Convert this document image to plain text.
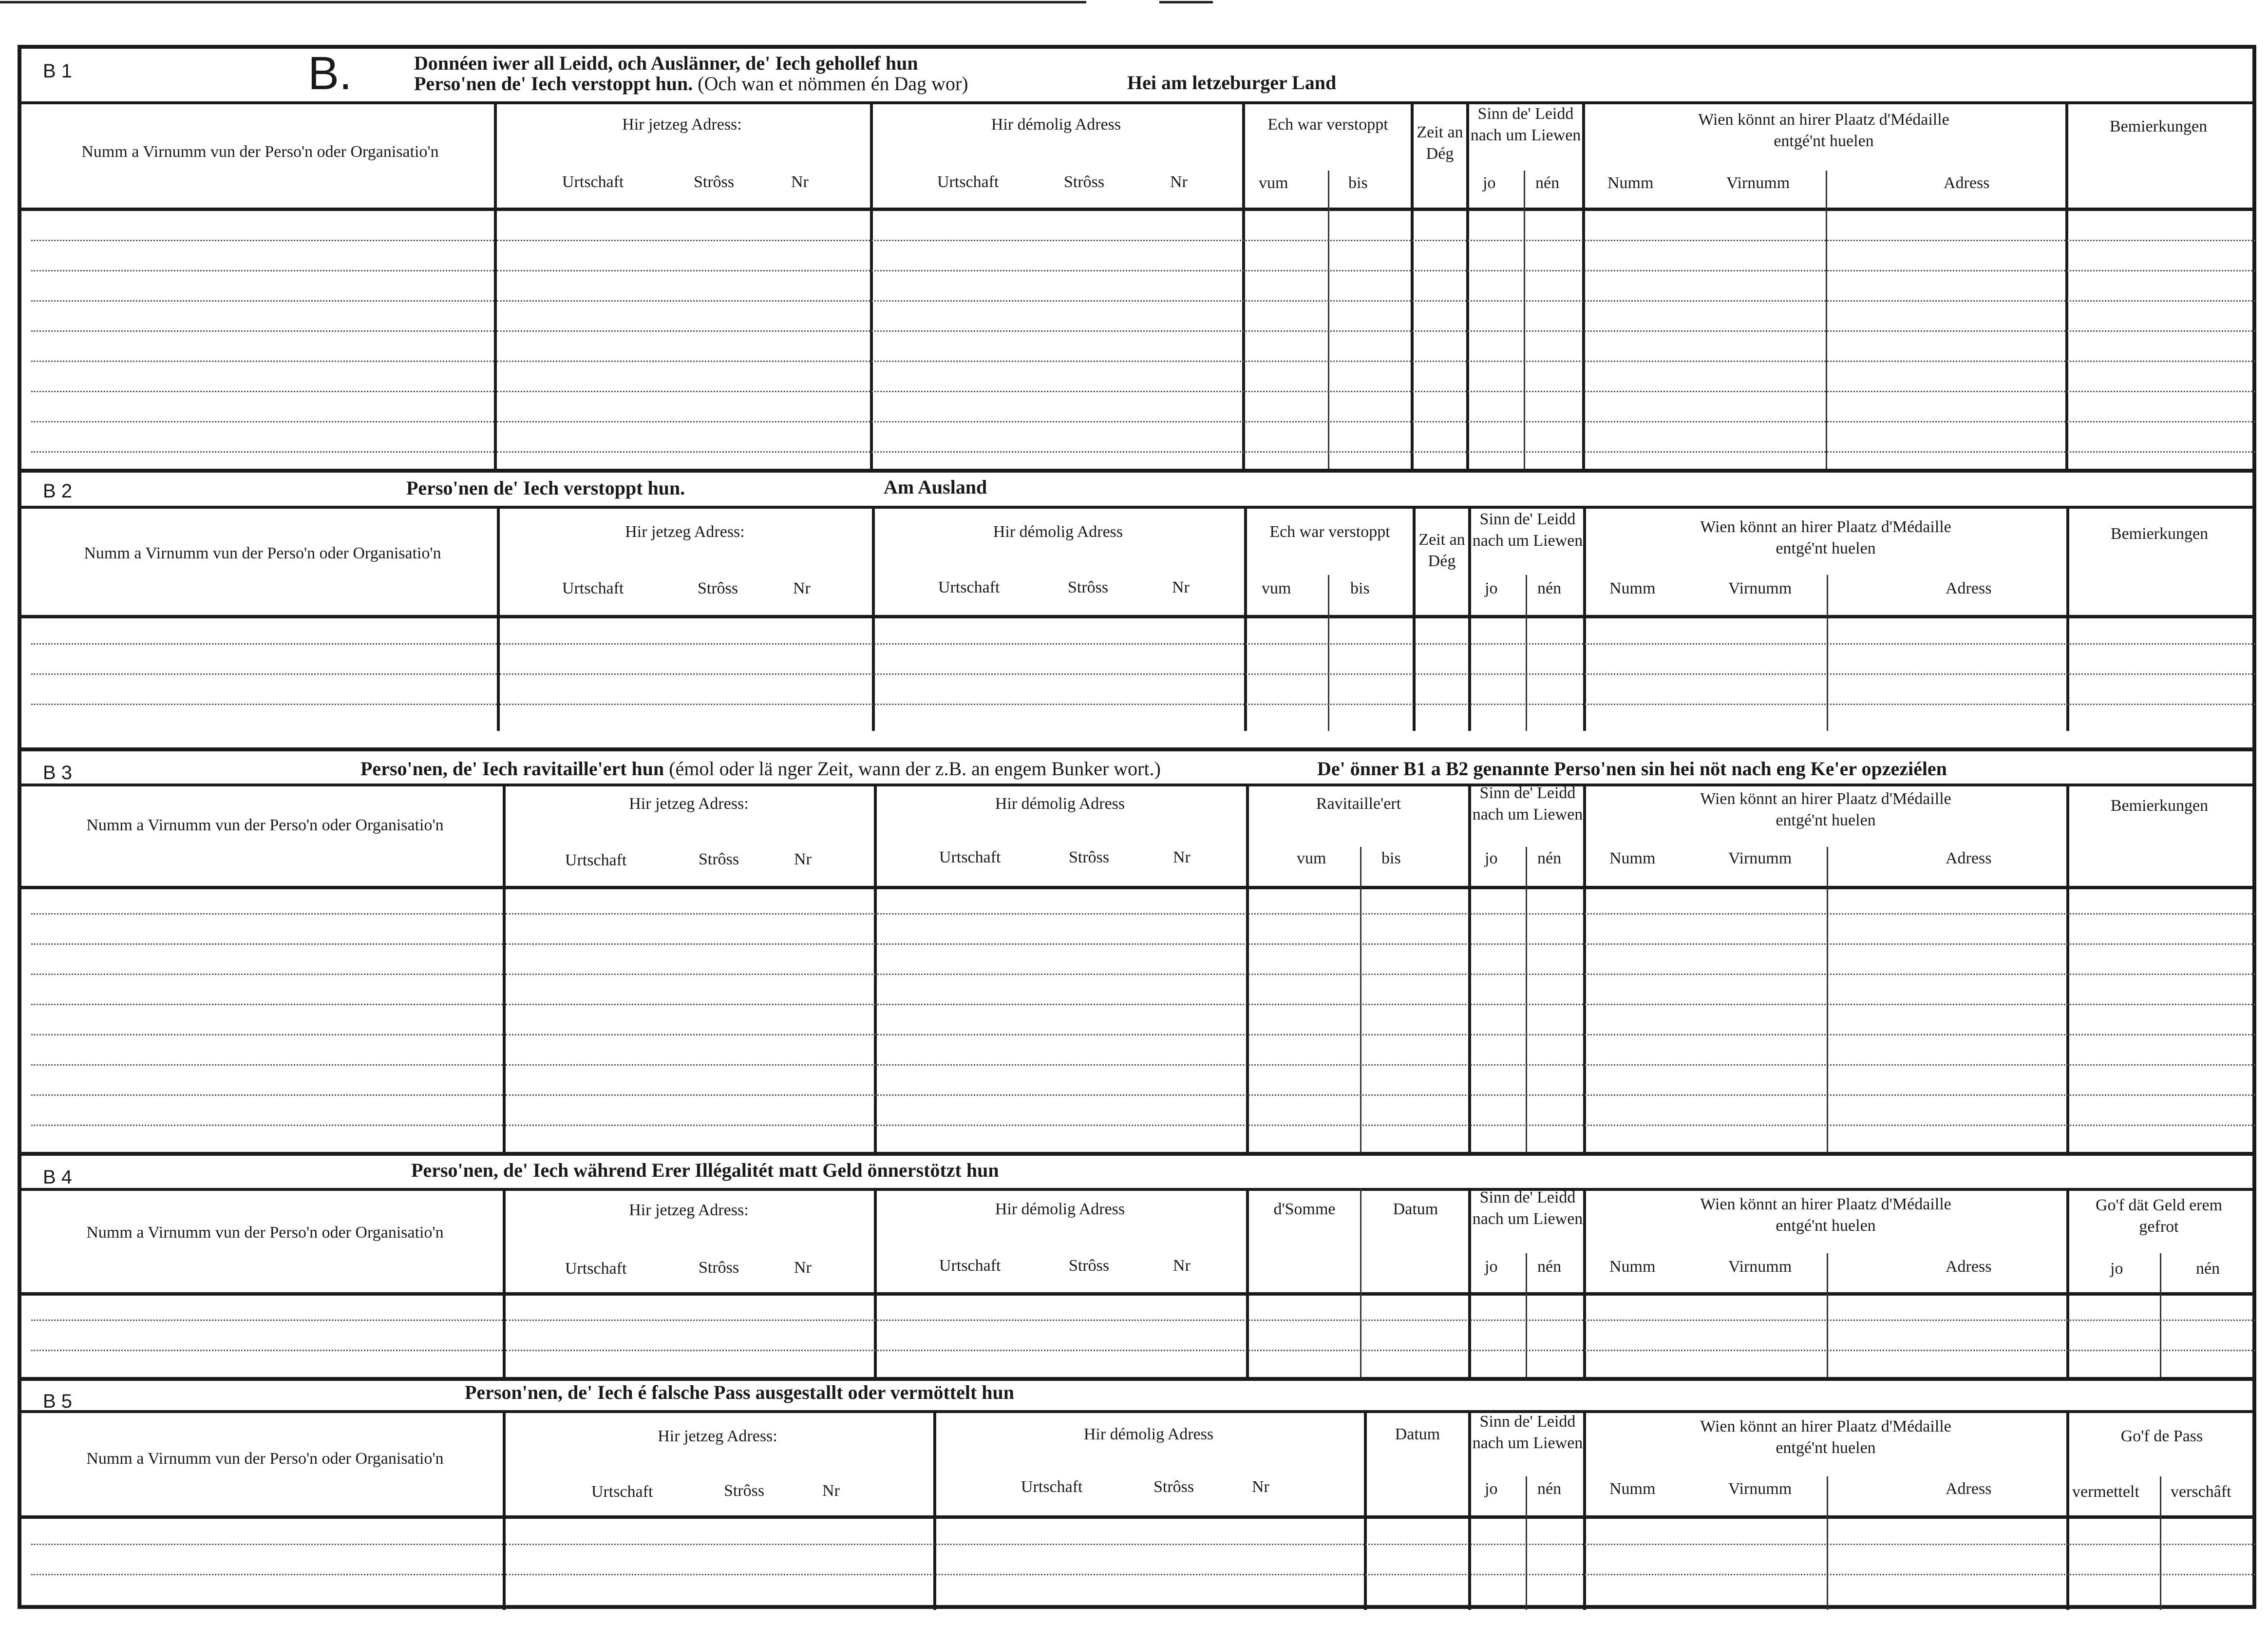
B 1	B.	Donnéen iwer all Leidd, och Auslänner, de' Iech gehollef hun
Perso'nen de' Iech verstoppt hun. (Och wan et nömmen én Dag wor)	Hei am letzeburger Land
Numm a Virnumm vun der Perso'n oder Organisatio'n
Hir jetzeg Adress:
Urtschaft	Strôss	Nr
Hir démolig Adress
Urtschaft	Strôss	Nr
Ech war verstoppt
vum	bis
Zeit an Dég
Sinn de' Leidd nach um Liewen
jo nén
Wien könnt an hirer Plaatz d'Médaille entgé'nt huelen
Numm	Virnumm	Adress
Bemierkungen
B 2	Perso'nen de' Iech verstoppt hun.	Am Ausland
Numm a Virnumm vun der Perso'n oder Organisatio'n
Hir jetzeg Adress:
Urtschaft	Strôss	Nr
Hir démolig Adress
Urtschaft	Strôss	Nr
Ech war verstoppt
vum	bis
Zeit an Dég
Sinn de' Leidd nach um Liewen
jo nén
Wien könnt an hirer Plaatz d'Médaille entgé'nt huelen
Numm	Virnumm	Adress
Bemierkungen
B 3	Perso'nen, de' Iech ravitaille'ert hun (émol oder lä nger Zeit, wann der z.B. an engem Bunker wort.)	De' önner B1 a B2 genannte Perso'nen sin hei nöt nach eng Ke'er opzeziélen
Numm a Virnumm vun der Perso'n oder Organisatio'n
Hir jetzeg Adress:
Urtschaft	Strôss	Nr
Hir démolig Adress
Urtschaft	Strôss	Nr
Ravitaille'ert
vum	bis
Sinn de' Leidd nach um Liewen
jo nén
Wien könnt an hirer Plaatz d'Médaille entgé'nt huelen
Numm	Virnumm	Adress
Bemierkungen
B 4	Perso'nen, de' Iech während Erer Illégalitét matt Geld önnerstötzt hun
Numm a Virnumm vun der Perso'n oder Organisatio'n
Hir jetzeg Adress:
Urtschaft	Strôss	Nr
Hir démolig Adress
Urtschaft	Strôss	Nr
d'Somme	Datum
Sinn de' Leidd nach um Liewen
jo nén
Wien könnt an hirer Plaatz d'Médaille entgé'nt huelen
Numm	Virnumm	Adress
Go'f dät Geld erem gefrot
jo	nén
B 5	Person'nen, de' Iech é falsche Pass ausgestallt oder vermöttelt hun
Numm a Virnumm vun der Perso'n oder Organisatio'n
Hir jetzeg Adress:
Urtschaft	Strôss	Nr
Hir démolig Adress
Urtschaft	Strôss	Nr
Datum
Sinn de' Leidd nach um Liewen
jo nén
Wien könnt an hirer Plaatz d'Médaille entgé'nt huelen
Numm	Virnumm	Adress
Go'f de Pass
vermettelt verschâft
